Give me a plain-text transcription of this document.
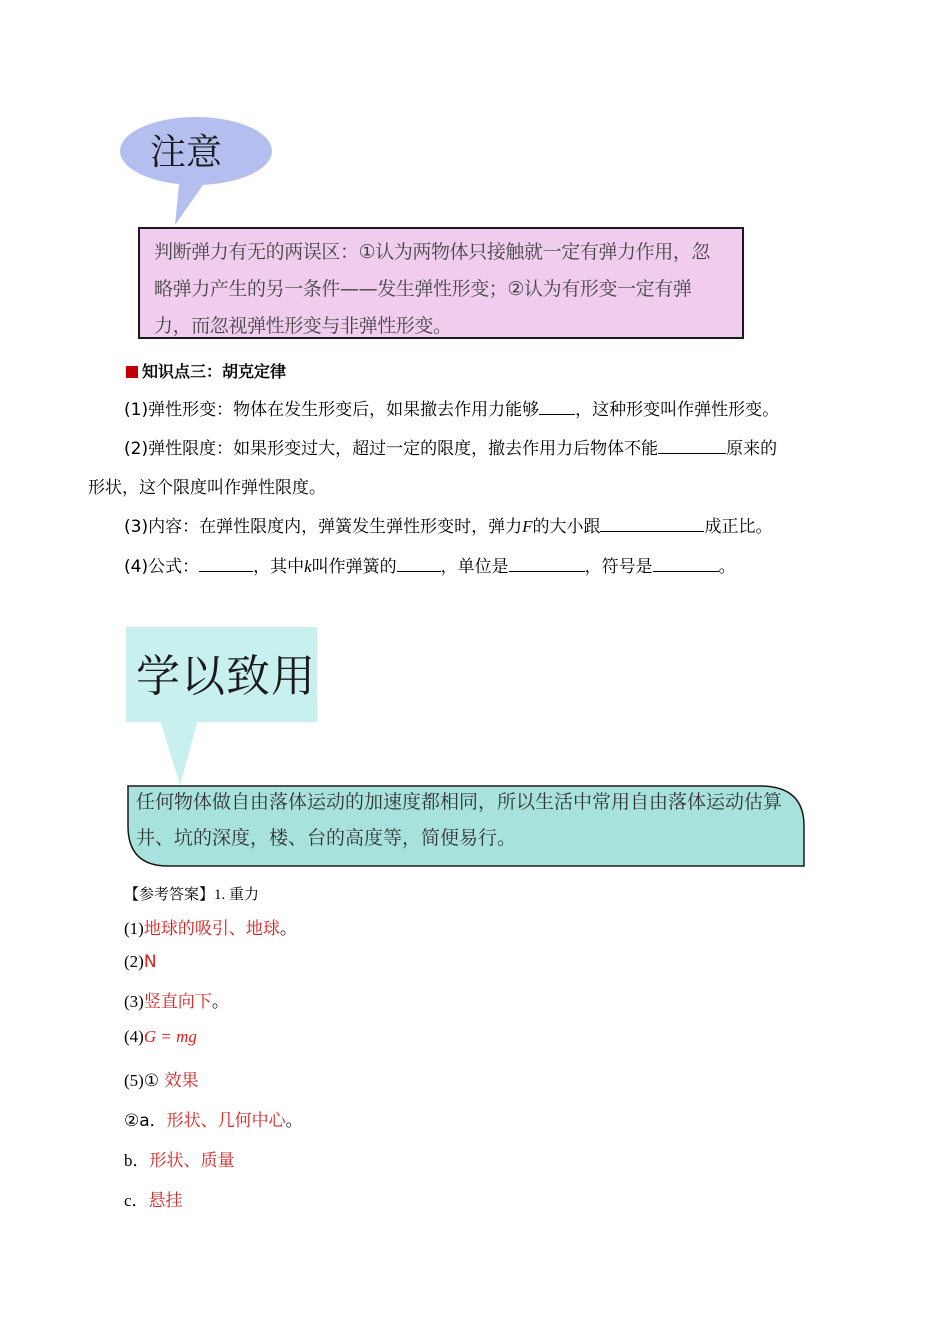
注意
判断弹力有无的两误区：①认为两物体只接触就一定有弹力作用，忽略弹力产生的另一条件——发生弹性形变；②认为有形变一定有弹力，而忽视弹性形变与非弹性形变。
知识点三：胡克定律
(1)弹性形变：物体在发生形变后，如果撤去作用力能够 ，这种形变叫作弹性形变。
(2)弹性限度：如果形变过大，超过一定的限度，撤去作用力后物体不能	原来的
形状，这个限度叫作弹性限度。
(3)内容：在弹性限度内，弹簧发生弹性形变时，弹力F的大小跟	成正比。
(4)公式：	，其中k叫作弹簧的	，单位是	，符号是	。
学以致用
任何物体做自由落体运动的加速度都相同，所以生活中常用自由落体运动估算井、坑的深度，楼、台的高度等，简便易行。
【参考答案】1. 重力
(1)地球的吸引、地球。
(2)N
(3)竖直向下。
(4)G = mg
(5)① 效果
②a．形状、几何中心。
b．形状、质量
c．悬挂
